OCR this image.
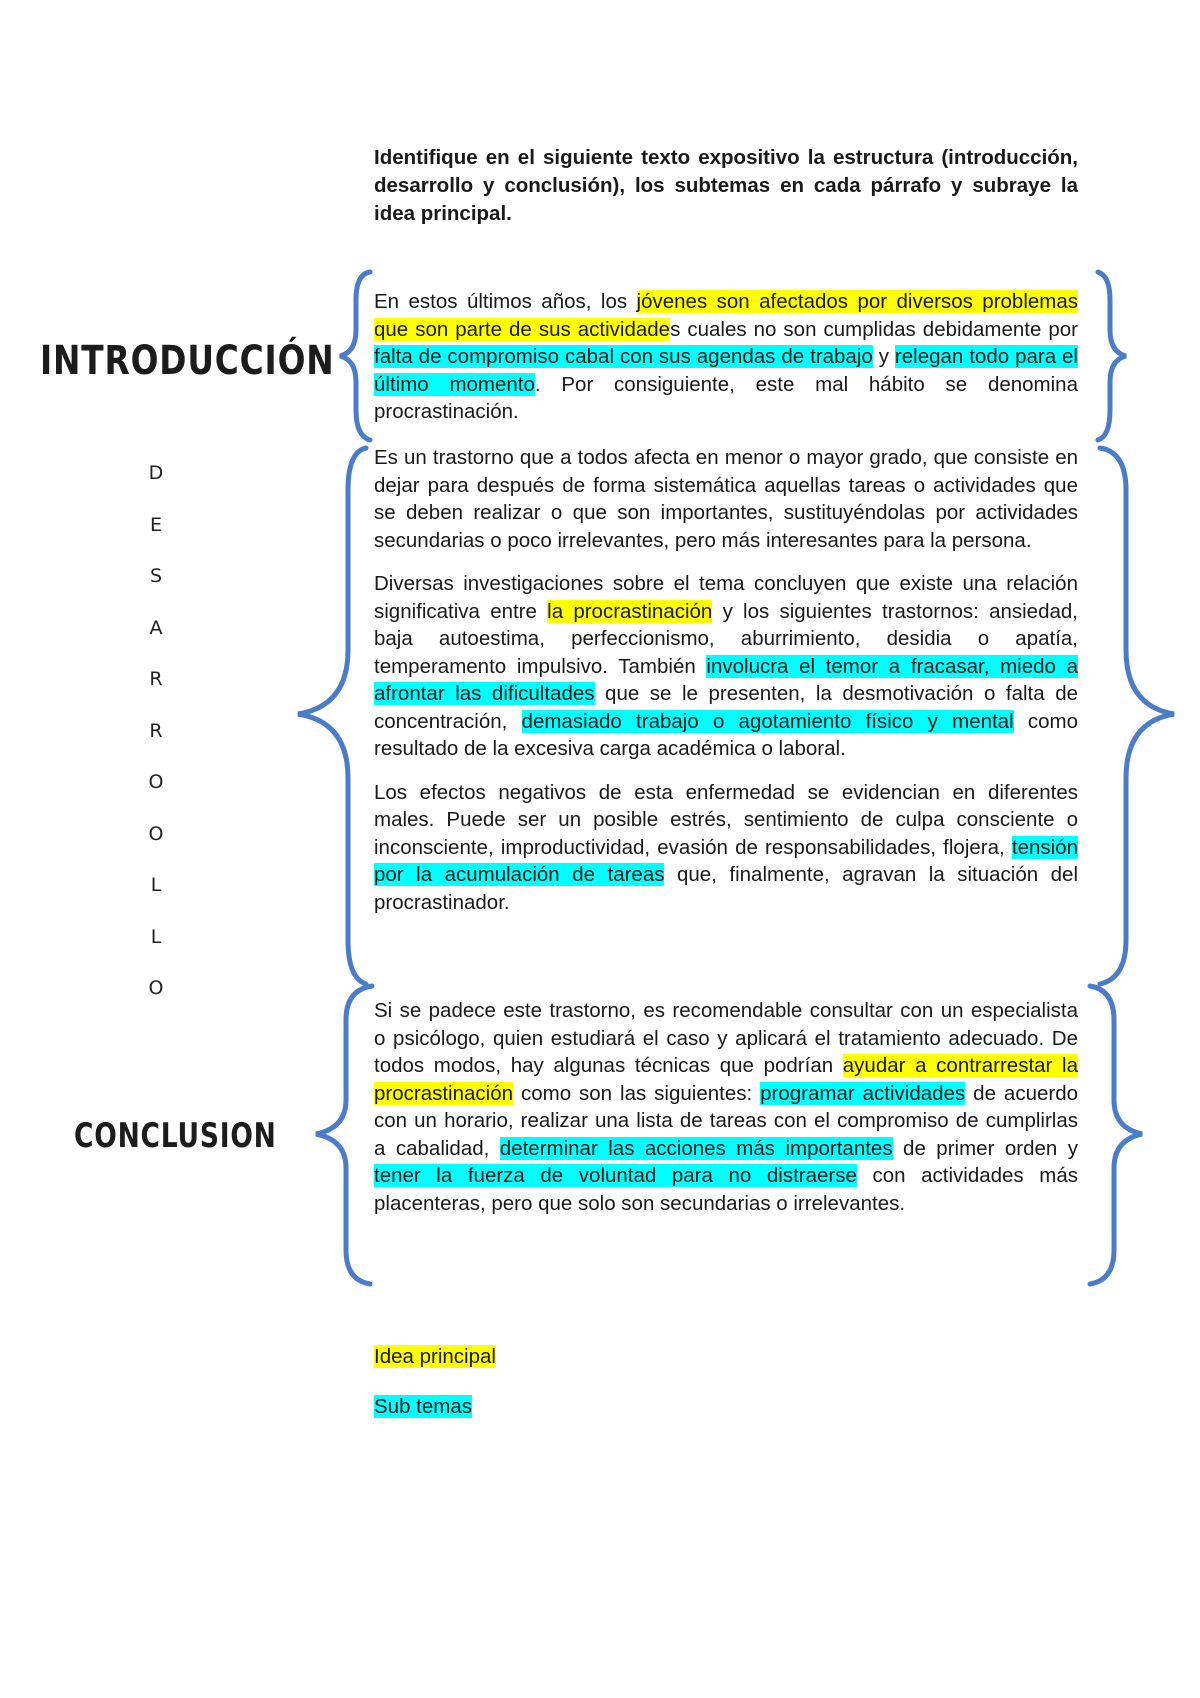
Identifique en el siguiente texto expositivo la estructura (introducción, desarrollo y conclusión), los subtemas en cada párrafo y subraye la idea principal.
INTRODUCCIÓN
D
E
S
A
R
R
O
O
L
L
O
CONCLUSION

En estos últimos años, los jóvenes son afectados por diversos problemas que son parte de sus actividades cuales no son cumplidas debidamente por falta de compromiso cabal con sus agendas de trabajo y relegan todo para el último momento. Por consiguiente, este mal hábito se denomina procrastinación.

Es un trastorno que a todos afecta en menor o mayor grado, que consiste en dejar para después de forma sistemática aquellas tareas o actividades que se deben realizar o que son importantes, sustituyéndolas por actividades secundarias o poco irrelevantes, pero más interesantes para la persona.

Diversas investigaciones sobre el tema concluyen que existe una relación significativa entre la procrastinación y los siguientes trastornos: ansiedad, baja autoestima, perfeccionismo, aburrimiento, desidia o apatía, temperamento impulsivo. También involucra el temor a fracasar, miedo a afrontar las dificultades que se le presenten, la desmotivación o falta de concentración, demasiado trabajo o agotamiento físico y mental como resultado de la excesiva carga académica o laboral.

Los efectos negativos de esta enfermedad se evidencian en diferentes males. Puede ser un posible estrés, sentimiento de culpa consciente o inconsciente, improductividad, evasión de responsabilidades, flojera, tensión por la acumulación de tareas que, finalmente, agravan la situación del procrastinador.

Si se padece este trastorno, es recomendable consultar con un especialista o psicólogo, quien estudiará el caso y aplicará el tratamiento adecuado. De todos modos, hay algunas técnicas que podrían ayudar a contrarrestar la procrastinación como son las siguientes: programar actividades de acuerdo con un horario, realizar una lista de tareas con el compromiso de cumplirlas a cabalidad, determinar las acciones más importantes de primer orden y tener la fuerza de voluntad para no distraerse con actividades más placenteras, pero que solo son secundarias o irrelevantes.

Idea principal
Sub temas
